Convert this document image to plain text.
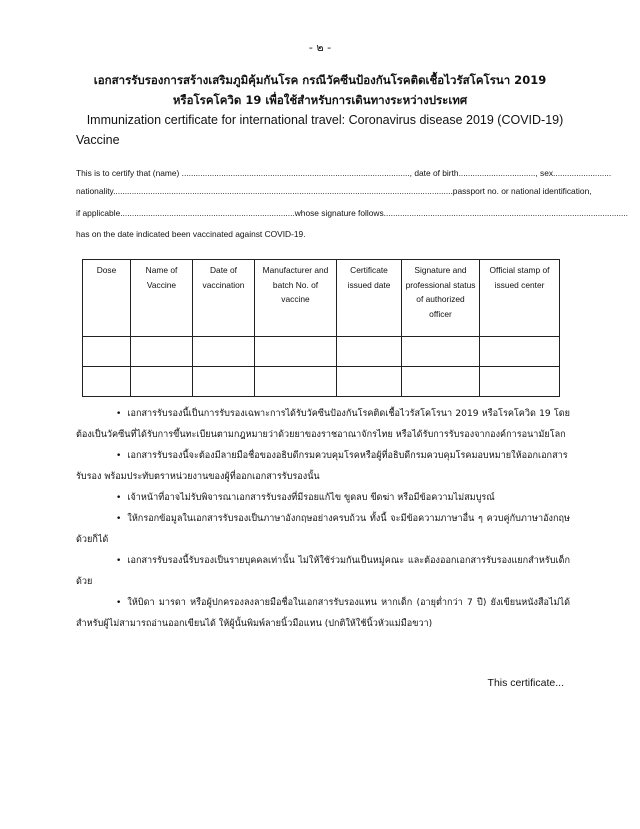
- ๒ -
เอกสารรับรองการสร้างเสริมภูมิคุ้มกันโรค กรณีวัคซีนป้องกันโรคติดเชื้อไวรัสโคโรนา 2019
หรือโรคโควิด 19 เพื่อใช้สำหรับการเดินทางระหว่างประเทศ
Immunization certificate for international travel: Coronavirus disease 2019 (COVID-19)
Vaccine
This is to certify that (name) .................................................................................................., date of birth................................., sex.........................
nationality..................................................................................................................................................passport no. or national identification,
if applicable...........................................................................whose signature follows.........................................................................................................
has on the date indicated been vaccinated against COVID-19.
Dose	Name of Vaccine	Date of vaccination	Manufacturer and batch No. of vaccine	Certificate issued date	Signature and professional status of authorized officer	Official stamp of issued center

• เอกสารรับรองนี้เป็นการรับรองเฉพาะการได้รับวัคซีนป้องกันโรคติดเชื้อไวรัสโคโรนา 2019 หรือโรคโควิด 19 โดยต้องเป็นวัคซีนที่ได้รับการขึ้นทะเบียนตามกฎหมายว่าด้วยยาของราชอาณาจักรไทย หรือได้รับการรับรองจากองค์การอนามัยโลก

• เอกสารรับรองนี้จะต้องมีลายมือชื่อของอธิบดีกรมควบคุมโรคหรือผู้ที่อธิบดีกรมควบคุมโรคมอบหมายให้ออกเอกสารรับรอง พร้อมประทับตราหน่วยงานของผู้ที่ออกเอกสารรับรองนั้น

• เจ้าหน้าที่อาจไม่รับพิจารณาเอกสารรับรองที่มีรอยแก้ไข ขูดลบ ขีดฆ่า หรือมีข้อความไม่สมบูรณ์

• ให้กรอกข้อมูลในเอกสารรับรองเป็นภาษาอังกฤษอย่างครบถ้วน ทั้งนี้ จะมีข้อความภาษาอื่น ๆ ควบคู่กับภาษาอังกฤษด้วยก็ได้

• เอกสารรับรองนี้รับรองเป็นรายบุคคลเท่านั้น ไม่ให้ใช้ร่วมกันเป็นหมู่คณะ และต้องออกเอกสารรับรองแยกสำหรับเด็กด้วย

• ให้บิดา มารดา หรือผู้ปกครองลงลายมือชื่อในเอกสารรับรองแทน หากเด็ก (อายุต่ำกว่า 7 ปี) ยังเขียนหนังสือไม่ได้ สำหรับผู้ไม่สามารถอ่านออกเขียนได้ ให้ผู้นั้นพิมพ์ลายนิ้วมือแทน (ปกติให้ใช้นิ้วหัวแม่มือขวา)

This certificate...
